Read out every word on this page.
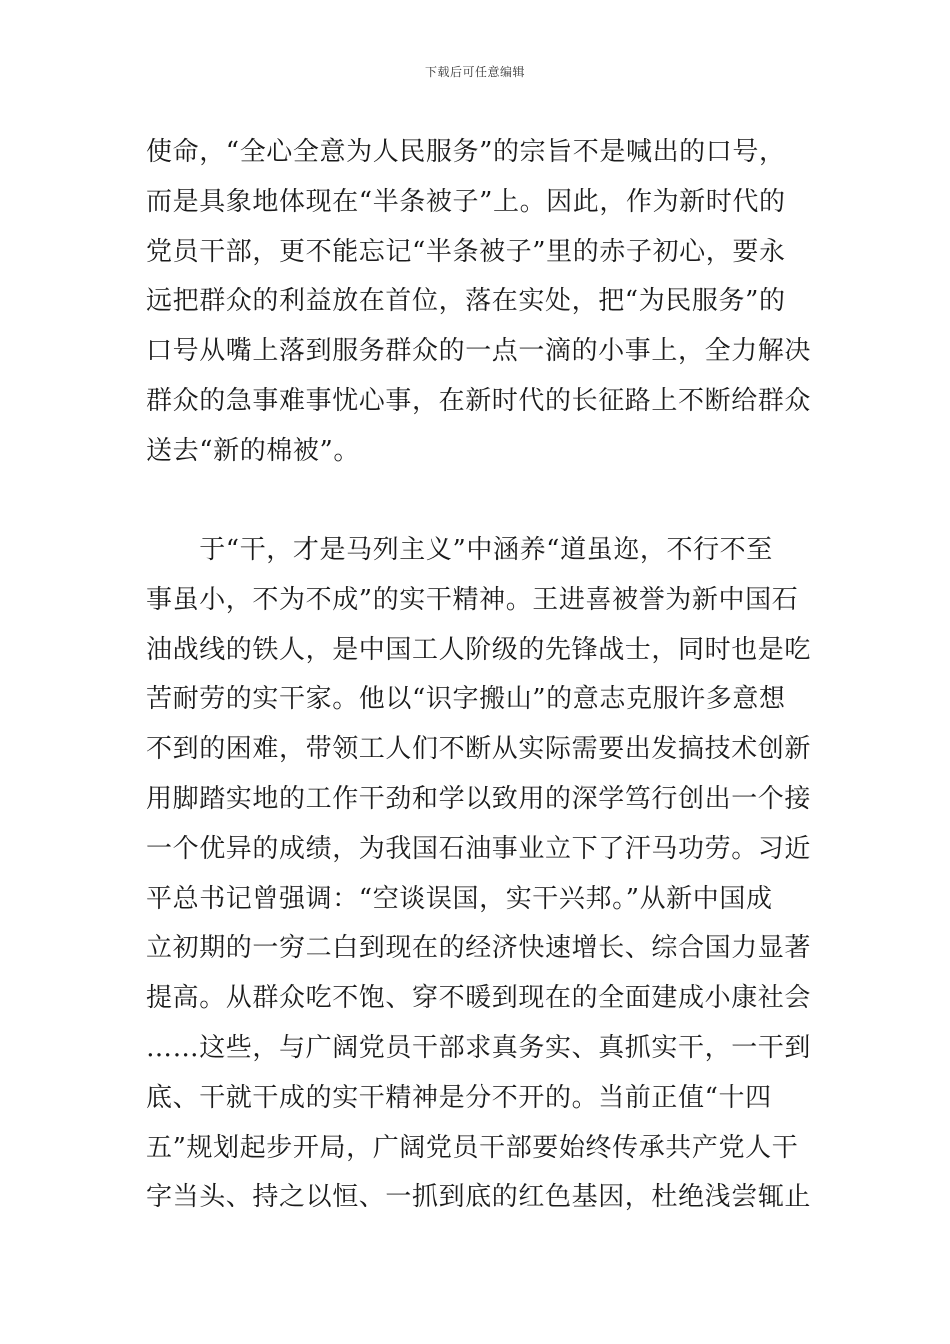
下载后可任意编辑
使命，“全心全意为人民服务”的宗旨不是喊出的口号，
而是具象地体现在“半条被子”上。因此，作为新时代的
党员干部，更不能忘记“半条被子”里的赤子初心，要永
远把群众的利益放在首位，落在实处，把“为民服务”的
口号从嘴上落到服务群众的一点一滴的小事上，全力解决
群众的急事难事忧心事，在新时代的长征路上不断给群众
送去“新的棉被”。
　　于“干，才是马列主义”中涵养“道虽迩，不行不至
事虽小，不为不成”的实干精神。王进喜被誉为新中国石
油战线的铁人，是中国工人阶级的先锋战士，同时也是吃
苦耐劳的实干家。他以“识字搬山”的意志克服许多意想
不到的困难，带领工人们不断从实际需要出发搞技术创新
用脚踏实地的工作干劲和学以致用的深学笃行创出一个接
一个优异的成绩，为我国石油事业立下了汗马功劳。习近
平总书记曾强调：“空谈误国，实干兴邦。”从新中国成
立初期的一穷二白到现在的经济快速增长、综合国力显著
提高。从群众吃不饱、穿不暖到现在的全面建成小康社会
……这些，与广阔党员干部求真务实、真抓实干，一干到
底、干就干成的实干精神是分不开的。当前正值“十四
五”规划起步开局，广阔党员干部要始终传承共产党人干
字当头、持之以恒、一抓到底的红色基因，杜绝浅尝辄止
